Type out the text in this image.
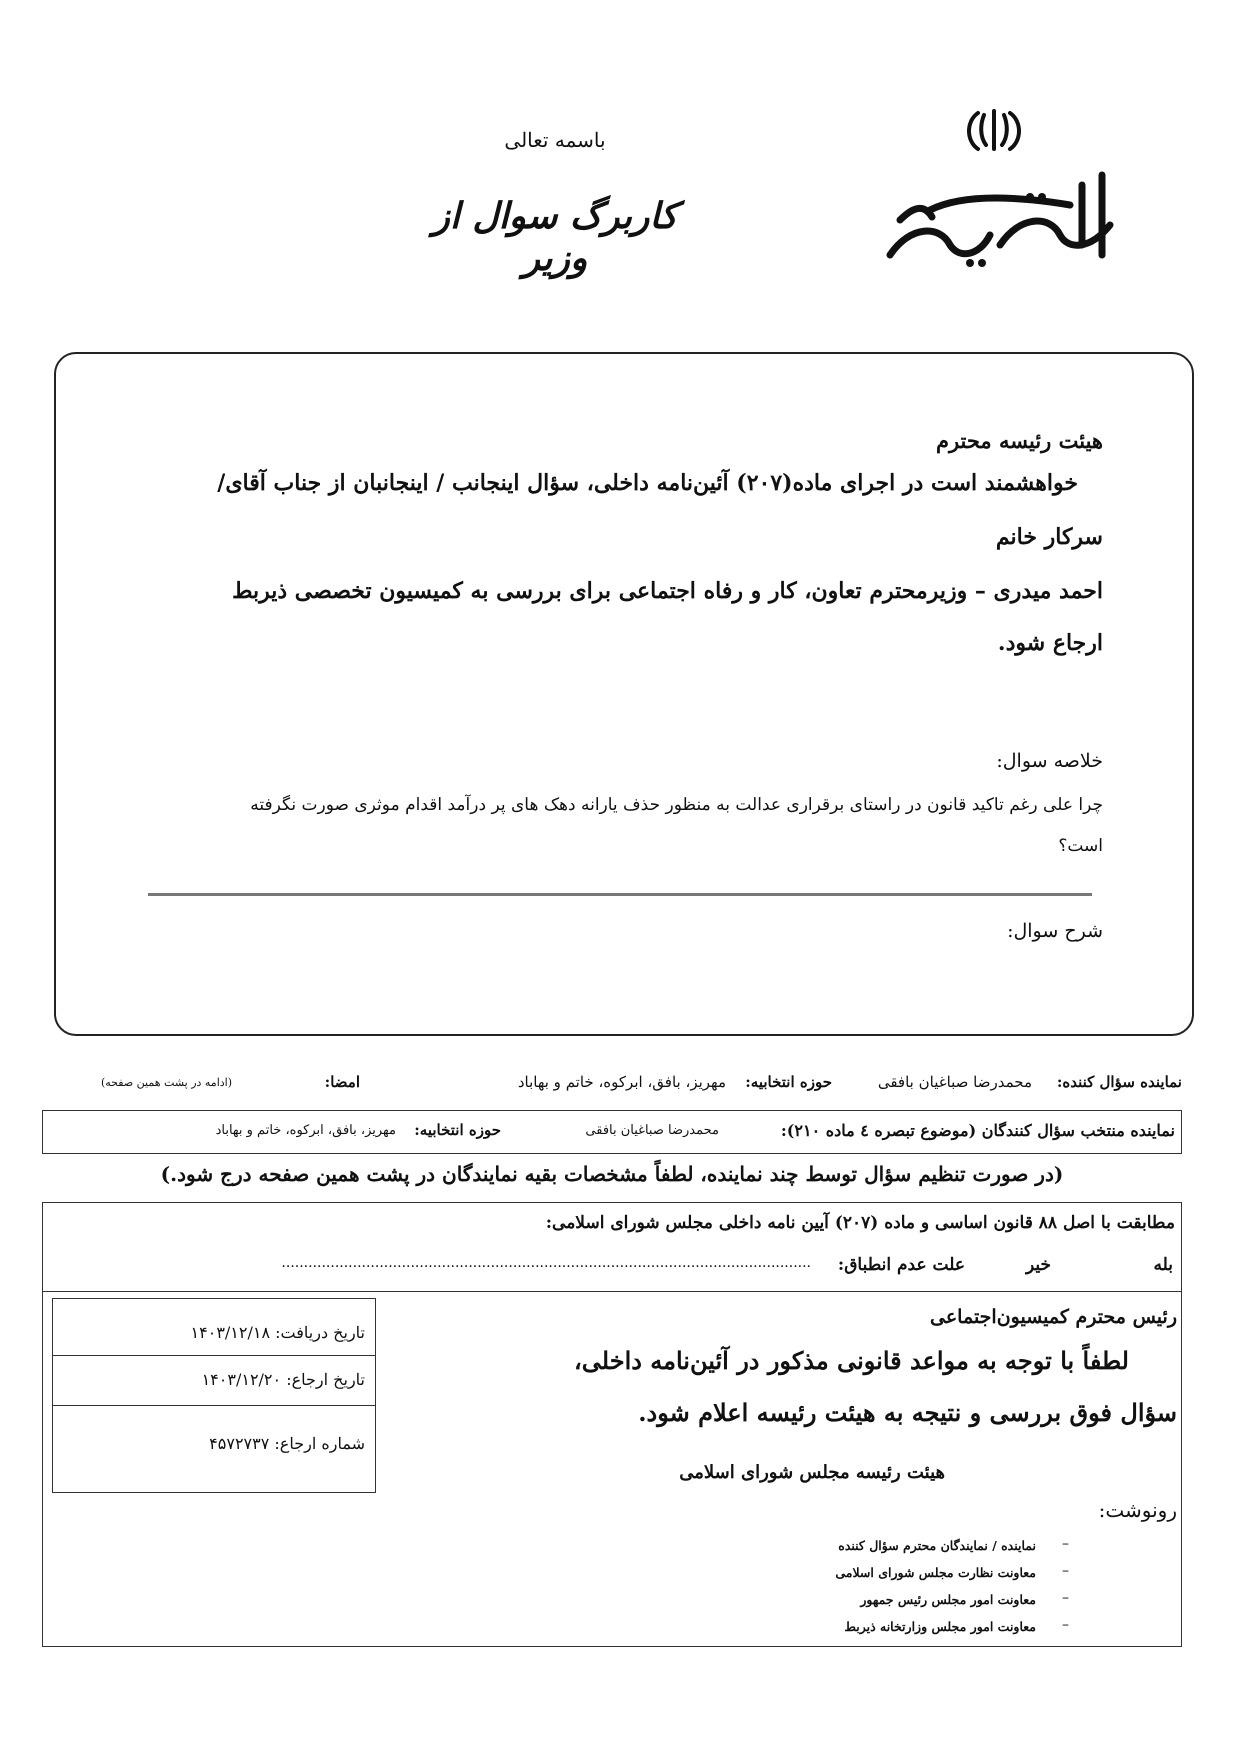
باسمه تعالی
کاربرگ سوال از وزیر
هیئت رئیسه محترم
خواهشمند است در اجرای ماده(۲۰۷) آئین‌نامه داخلی، سؤال اینجانب / اینجانبان از جناب آقای/
سرکار خانم
احمد میدری – وزیرمحترم تعاون، کار و رفاه اجتماعی برای بررسی به کمیسیون تخصصی ذیربط
ارجاع شود.
خلاصه سوال:
چرا علی رغم تاکید قانون در راستای برقراری عدالت به منظور حذف یارانه دهک های پر درآمد اقدام موثری صورت نگرفته
است؟
شرح سوال:
نماینده سؤال کننده:
محمدرضا صباغیان بافقی
حوزه انتخابیه:
مهریز، بافق، ابرکوه، خاتم و بهاباد
امضا:
(ادامه در پشت همین صفحه)
نماینده منتخب سؤال کنندگان (موضوع تبصره ٤ ماده ٢١٠):
محمدرضا صباغیان بافقی
حوزه انتخابیه:
مهریز، بافق، ابرکوه، خاتم و بهاباد
(در صورت تنظیم سؤال توسط چند نماینده، لطفاً مشخصات بقیه نمایندگان در پشت همین صفحه درج شود.)
مطابقت با اصل ۸۸ قانون اساسی و ماده (۲۰۷) آیین نامه داخلی مجلس شورای اسلامی:
بله
خیر
علت عدم انطباق:
.......................................................................................................................
تاریخ دریافت: ۱۴۰۳/۱۲/۱۸
تاریخ ارجاع: ۱۴۰۳/۱۲/۲۰
شماره ارجاع: ۴۵۷۲۷۳۷
رئیس محترم کمیسیون‌اجتماعی
لطفاً با توجه به مواعد قانونی مذکور در آئین‌نامه داخلی،
سؤال فوق بررسی و نتیجه به هیئت رئیسه اعلام شود.
هیئت رئیسه مجلس شورای اسلامی
رونوشت:
–
نماینده / نمایندگان محترم سؤال کننده
–
معاونت نظارت مجلس شورای اسلامی
–
معاونت امور مجلس رئیس جمهور
–
معاونت امور مجلس وزارتخانه ذیربط
